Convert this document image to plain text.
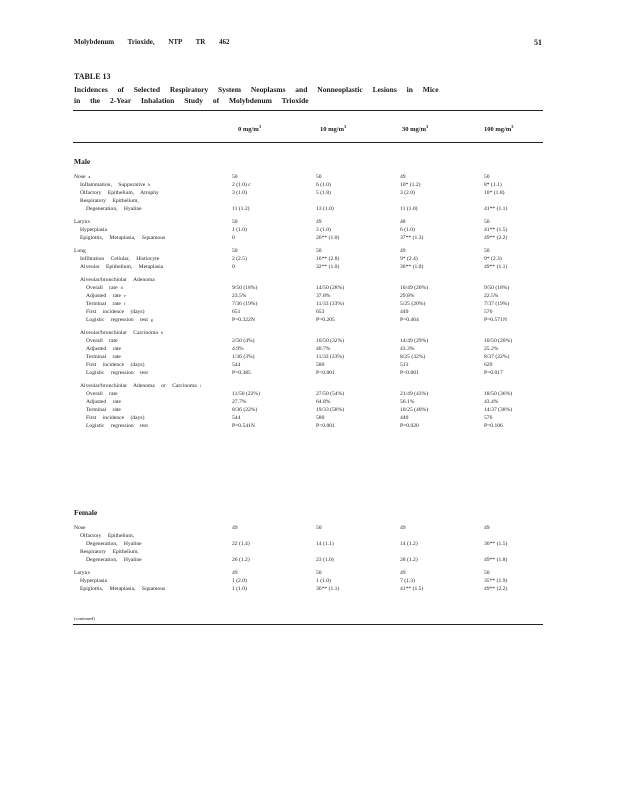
Molybdenum Trioxide, NTP TR 462	51
TABLE 13
Incidences of Selected Respiratory System Neoplasms and Nonneoplastic Lesions in Mice
in the 2-Year Inhalation Study of Molybdenum Trioxide
0 $mg/m^3$	10 $mg/m^3$	30 $mg/m^3$	100 $mg/m^3$
Male
Nose $^a$	50	50	49	50
Inflammation, Suppurative $^b$	2 (1.0) c	6 (1.0)	10* (1.2)	8* (1.1)
Olfactory Epithelium, Atrophy	3 (1.0)	5 (1.8)	3 (2.0)	10* (1.8)
Respiratory Epithelium,
Degeneration, Hyaline	11 (1.2)	13 (1.0)	11 (1.0)	41** (1.1)
Larynx	50	49	48	50
Hyperplasia	1 (1.0)	3 (1.0)	6 (1.0)	41** (1.5)
Epiglottis, Metaplasia, Squamous	0	26** (1.0)	37** (1.3)	49** (2.2)
Lung	50	50	49	50
Infiltration Cellular, Histiocyte	2 (2.5)	16** (2.8)	9* (2.4)	9* (2.3)
Alveolar Epithelium, Metaplasia	0	32** (1.0)	36** (1.0)	49** (1.1)
Alveolar/bronchiolar Adenoma
Overall rate $^d$	9/50 (18%)	14/50 (28%)	10/49 (20%)	9/50 (18%)
Adjusted rate $^e$	23.5%	37.8%	29.8%	22.5%
Terminal rate $^f$	7/36 (19%)	11/33 (33%)	5/25 (20%)	7/37 (19%)
First incidence (days)	651	653	440	576
Logistic regression test $^g$	P=0.322N	P=0.205	P=0.464	P=0.571N
Alveolar/bronchiolar Carcinoma $^h$
Overall rate	2/50 (4%)	16/50 (32%)	14/49 (29%)	10/50 (20%)
Adjusted rate	4.9%	40.7%	43.3%	25.2%
Terminal rate	1/36 (3%)	11/33 (33%)	8/25 (32%)	8/37 (22%)
First incidence (days)	544	580	513	629
Logistic regression test	P=0.385	P<0.001	P<0.001	P=0.017
Alveolar/bronchiolar Adenoma or Carcinoma $^i$
Overall rate	11/50 (22%)	27/50 (54%)	21/49 (43%)	18/50 (36%)
Adjusted rate	27.7%	64.8%	56.1%	43.4%
Terminal rate	8/36 (22%)	19/33 (58%)	10/25 (40%)	14/37 (38%)
First incidence (days)	544	580	440	576
Logistic regression test	P=0.541N	P<0.001	P=0.020	P=0.106
Female
Nose	49	50	49	49
Olfactory Epithelium,
Degeneration, Hyaline	22 (1.4)	14 (1.1)	14 (1.2)	36** (1.5)
Respiratory Epithelium,
Degeneration, Hyaline	26 (1.2)	23 (1.0)	28 (1.2)	49** (1.8)
Larynx	49	50	49	50
Hyperplasia	1 (2.0)	1 (1.0)	7 (1.3)	35** (1.9)
Epiglottis, Metaplasia, Squamous	1 (1.0)	36** (1.1)	41** (1.5)	49** (2.2)
(continued)
